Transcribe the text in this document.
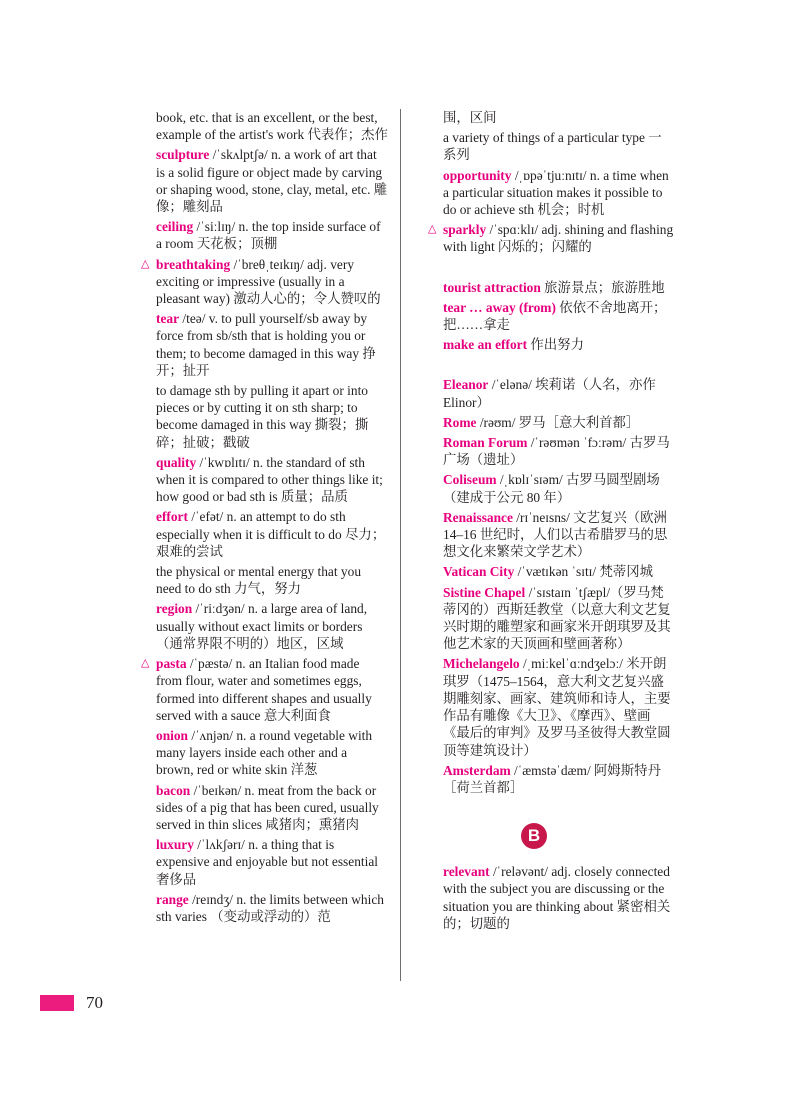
book, etc. that is an excellent, or the best, example of the artist's work 代表作；杰作
sculpture /ˈskʌlptʃə/ n. a work of art that is a solid figure or object made by carving or shaping wood, stone, clay, metal, etc. 雕像；雕刻品
ceiling /ˈsiːlɪŋ/ n. the top inside surface of a room 天花板；顶棚
△ breathtaking /ˈbreθˌteɪkɪŋ/ adj. very exciting or impressive (usually in a pleasant way) 激动人心的；令人赞叹的
tear /teə/ v. to pull yourself/sb away by force from sb/sth that is holding you or them; to become damaged in this way 挣开；扯开
to damage sth by pulling it apart or into pieces or by cutting it on sth sharp; to become damaged in this way 撕裂；撕碎；扯破；戳破
quality /ˈkwɒlɪtɪ/ n. the standard of sth when it is compared to other things like it; how good or bad sth is 质量；品质
effort /ˈefət/ n. an attempt to do sth especially when it is difficult to do 尽力；艰难的尝试
the physical or mental energy that you need to do sth 力气，努力
region /ˈriːdʒən/ n. a large area of land, usually without exact limits or borders （通常界限不明的）地区，区域
△ pasta /ˈpæstə/ n. an Italian food made from flour, water and sometimes eggs, formed into different shapes and usually served with a sauce 意大利面食
onion /ˈʌnjən/ n. a round vegetable with many layers inside each other and a brown, red or white skin 洋葱
bacon /ˈbeɪkən/ n. meat from the back or sides of a pig that has been cured, usually served in thin slices 咸猪肉；熏猪肉
luxury /ˈlʌkʃərɪ/ n. a thing that is expensive and enjoyable but not essential 奢侈品
range /reɪndʒ/ n. the limits between which sth varies （变动或浮动的）范
围，区间
a variety of things of a particular type 一系列
opportunity /ˌɒpəˈtjuːnɪtɪ/ n. a time when a particular situation makes it possible to do or achieve sth 机会；时机
△ sparkly /ˈspɑːklɪ/ adj. shining and flashing with light 闪烁的；闪耀的
tourist attraction 旅游景点；旅游胜地
tear … away (from) 依依不舍地离开；把……拿走
make an effort 作出努力
Eleanor /ˈelənə/ 埃莉诺（人名，亦作 Elinor）
Rome /rəʊm/ 罗马［意大利首都］
Roman Forum /ˈrəʊmən ˈfɔːrəm/ 古罗马广场（遗址）
Coliseum /ˌkɒlɪˈsɪəm/ 古罗马圆型剧场（建成于公元 80 年）
Renaissance /rɪˈneɪsns/ 文艺复兴（欧洲 14–16 世纪时，人们以古希腊罗马的思想文化来繁荣文学艺术）
Vatican City /ˈvætɪkən ˈsɪtɪ/ 梵蒂冈城
Sistine Chapel /ˈsɪstaɪn ˈtʃæpl/（罗马梵蒂冈的）西斯廷教堂（以意大利文艺复兴时期的雕塑家和画家米开朗琪罗及其他艺术家的天顶画和壁画著称）
Michelangelo /ˌmiːkelˈɑːndʒelɔː/ 米开朗琪罗（1475–1564，意大利文艺复兴盛期雕刻家、画家、建筑师和诗人，主要作品有雕像《大卫》、《摩西》、壁画《最后的审判》及罗马圣彼得大教堂圆顶等建筑设计）
Amsterdam /ˈæmstəˈdæm/ 阿姆斯特丹［荷兰首都］
B
relevant /ˈreləvənt/ adj. closely connected with the subject you are discussing or the situation you are thinking about 紧密相关的；切题的
70
